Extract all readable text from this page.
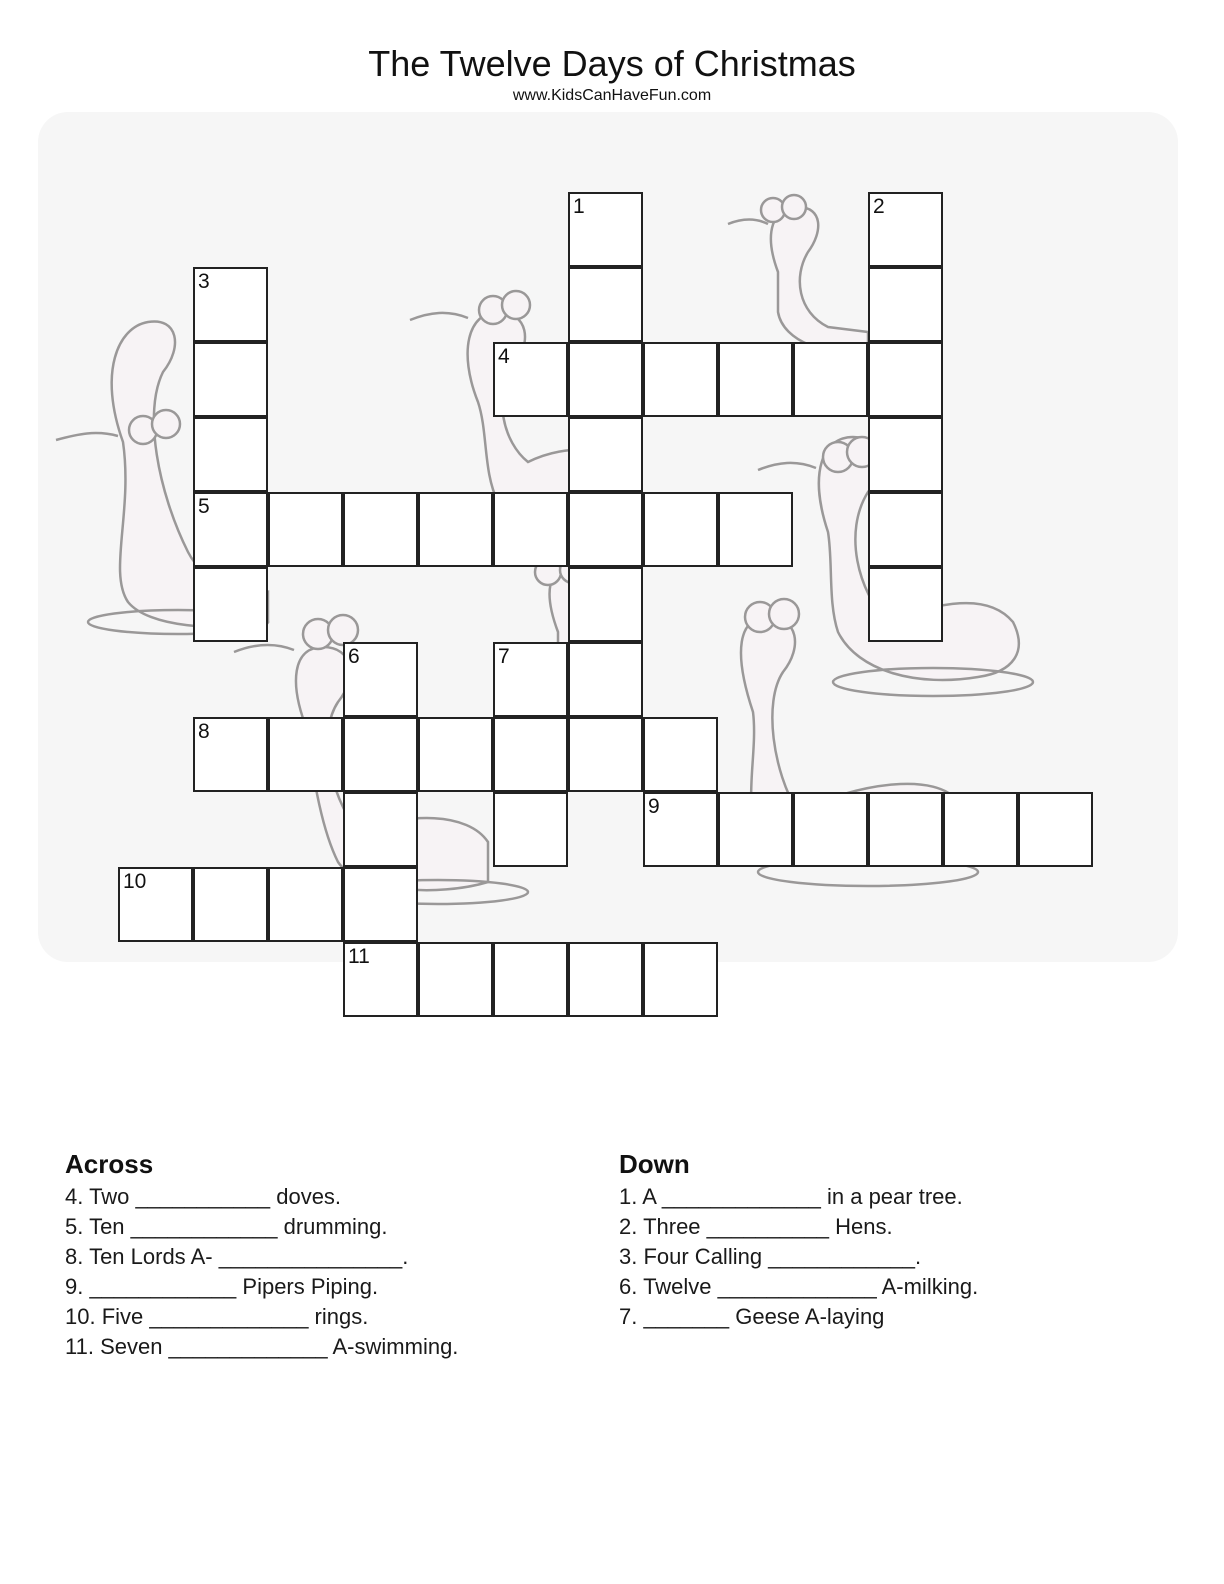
The Twelve Days of Christmas
www.KidsCanHaveFun.com
1	2
3
4
5
6	7
8
9
10
11
Across
4. Two ___________ doves.
5. Ten ____________ drumming.
8. Ten Lords A- _______________.
9. ____________ Pipers Piping.
10. Five _____________ rings.
11. Seven _____________ A-swimming.
Down
1. A _____________ in a pear tree.
2. Three __________ Hens.
3. Four Calling ____________.
6. Twelve _____________ A-milking.
7. _______ Geese A-laying
